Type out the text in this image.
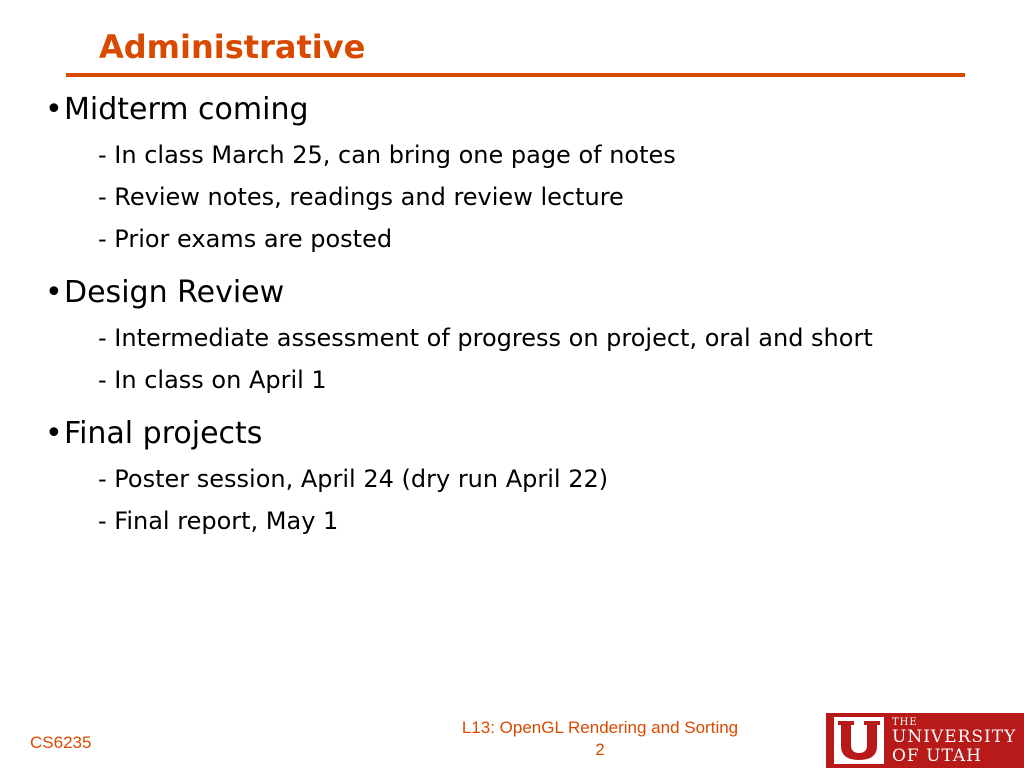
Administrative
•Midterm coming
- In class March 25, can bring one page of notes
- Review notes, readings and review lecture
- Prior exams are posted
•Design Review
- Intermediate assessment of progress on project, oral and short
- In class on April 1
•Final projects
- Poster session, April 24 (dry run April 22)
- Final report, May 1
CS6235
L13: OpenGL Rendering and Sorting
2
THE
UNIVERSITY
OF UTAH
